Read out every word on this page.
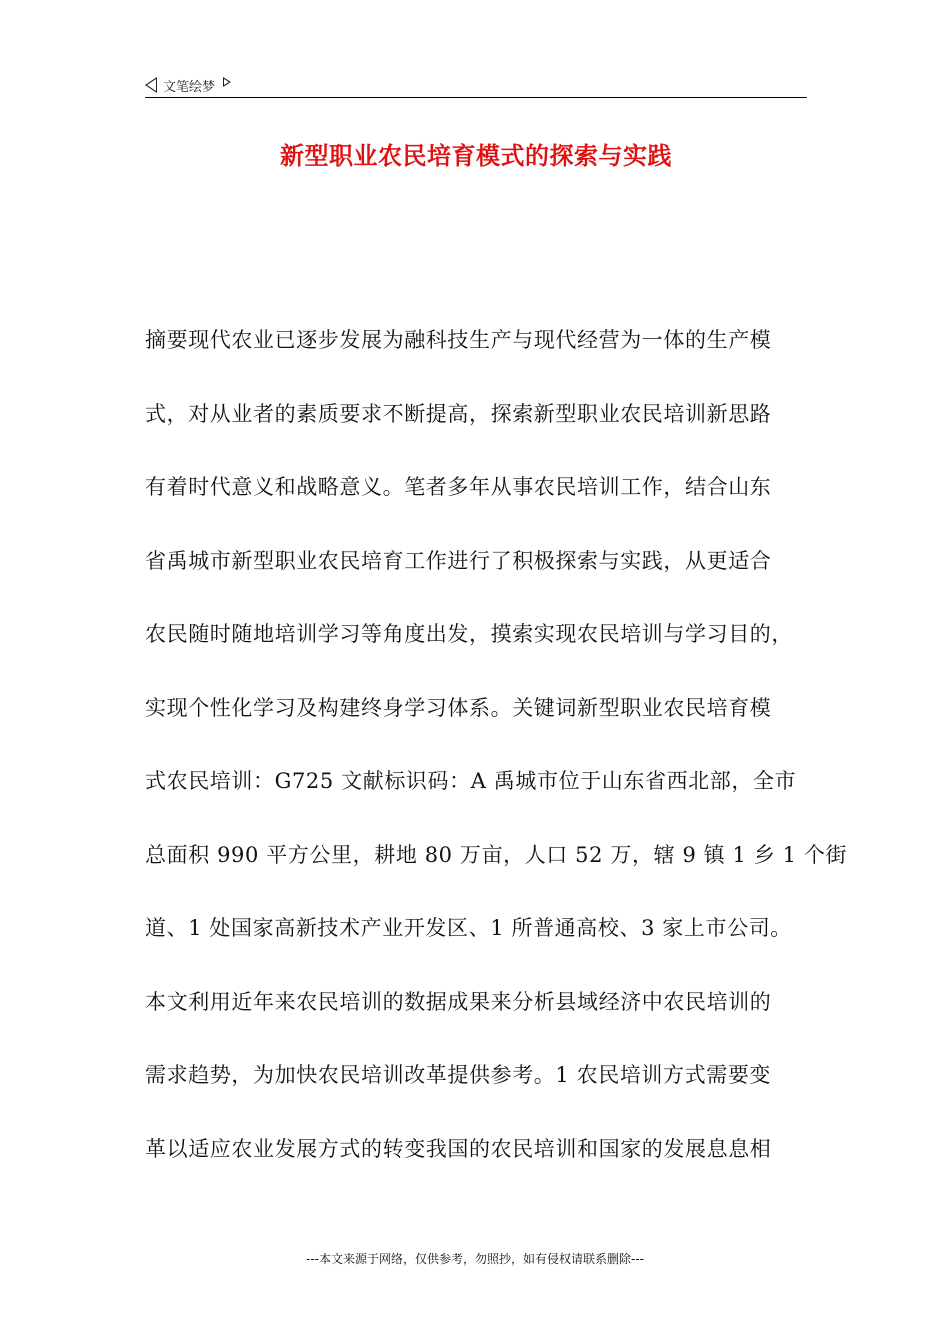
文笔绘梦
新型职业农民培育模式的探索与实践
摘要现代农业已逐步发展为融科技生产与现代经营为一体的生产模
式，对从业者的素质要求不断提高，探索新型职业农民培训新思路
有着时代意义和战略意义。笔者多年从事农民培训工作，结合山东
省禹城市新型职业农民培育工作进行了积极探索与实践，从更适合
农民随时随地培训学习等角度出发，摸索实现农民培训与学习目的，
实现个性化学习及构建终身学习体系。关键词新型职业农民培育模
式农民培训：G725 文献标识码：A 禹城市位于山东省西北部，全市
总面积 990 平方公里，耕地 80 万亩，人口 52 万，辖 9 镇 1 乡 1 个街
道、1 处国家高新技术产业开发区、1 所普通高校、3 家上市公司。
本文利用近年来农民培训的数据成果来分析县域经济中农民培训的
需求趋势，为加快农民培训改革提供参考。1 农民培训方式需要变
革以适应农业发展方式的转变我国的农民培训和国家的发展息息相
---本文来源于网络，仅供参考，勿照抄，如有侵权请联系删除---
